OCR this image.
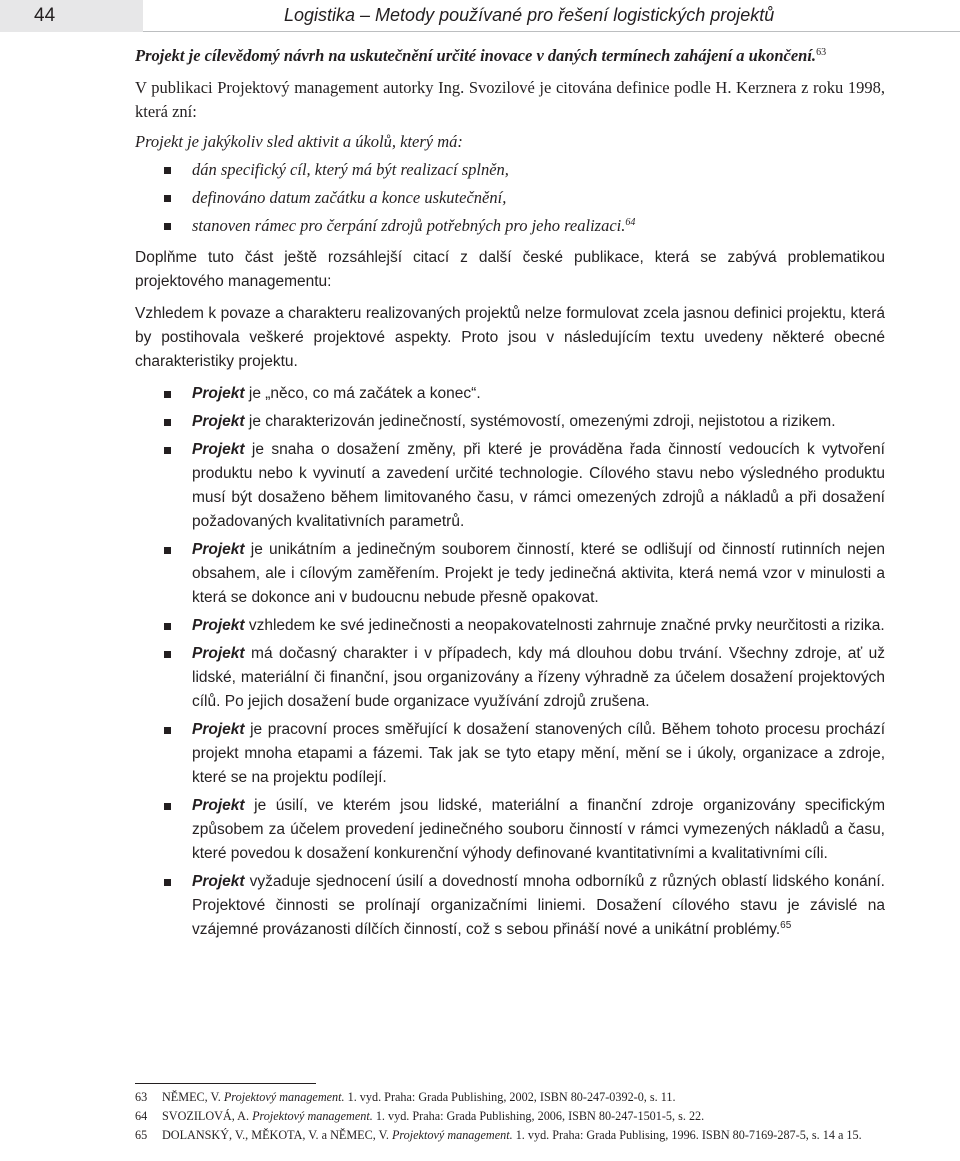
44	Logistika – Metody používané pro řešení logistických projektů

Projekt je cílevědomý návrh na uskutečnění určité inovace v daných termínech zahájení a ukončení.$^{63}$

V publikaci Projektový management autorky Ing. Svozilové je citována definice podle H. Kerznera z roku 1998, která zní:

Projekt je jakýkoliv sled aktivit a úkolů, který má:

dán specifický cíl, který má být realizací splněn,
definováno datum začátku a konce uskutečnění,
stanoven rámec pro čerpání zdrojů potřebných pro jeho realizaci.$^{64}$

Doplňme tuto část ještě rozsáhlejší citací z další české publikace, která se zabývá problematikou projektového managementu:

Vzhledem k povaze a charakteru realizovaných projektů nelze formulovat zcela jasnou definici projektu, která by postihovala veškeré projektové aspekty. Proto jsou v následujícím textu uvedeny některé obecné charakteristiky projektu.

Projekt je „něco, co má začátek a konec“.
Projekt je charakterizován jedinečností, systémovostí, omezenými zdroji, nejistotou a rizikem.
Projekt je snaha o dosažení změny, při které je prováděna řada činností vedoucích k vytvoření produktu nebo k vyvinutí a zavedení určité technologie. Cílového stavu nebo výsledného produktu musí být dosaženo během limitovaného času, v rámci omezených zdrojů a nákladů a při dosažení požadovaných kvalitativních parametrů.
Projekt je unikátním a jedinečným souborem činností, které se odlišují od činností rutinních nejen obsahem, ale i cílovým zaměřením. Projekt je tedy jedinečná aktivita, která nemá vzor v minulosti a která se dokonce ani v budoucnu nebude přesně opakovat.
Projekt vzhledem ke své jedinečnosti a neopakovatelnosti zahrnuje značné prvky neurčitosti a rizika.
Projekt má dočasný charakter i v případech, kdy má dlouhou dobu trvání. Všechny zdroje, ať už lidské, materiální či finanční, jsou organizovány a řízeny výhradně za účelem dosažení projektových cílů. Po jejich dosažení bude organizace využívání zdrojů zrušena.
Projekt je pracovní proces směřující k dosažení stanovených cílů. Během tohoto procesu prochází projekt mnoha etapami a fázemi. Tak jak se tyto etapy mění, mění se i úkoly, organizace a zdroje, které se na projektu podílejí.
Projekt je úsilí, ve kterém jsou lidské, materiální a finanční zdroje organizovány specifickým způsobem za účelem provedení jedinečného souboru činností v rámci vymezených nákladů a času, které povedou k dosažení konkurenční výhody definované kvantitativními a kvalitativními cíli.
Projekt vyžaduje sjednocení úsilí a dovedností mnoha odborníků z různých oblastí lidského konání. Projektové činnosti se prolínají organizačními liniemi. Dosažení cílového stavu je závislé na vzájemné provázanosti dílčích činností, což s sebou přináší nové a unikátní problémy.$^{65}$
63 NĚMEC, V. Projektový management. 1. vyd. Praha: Grada Publishing, 2002, ISBN 80-247-0392-0, s. 11.
64 SVOZILOVÁ, A. Projektový management. 1. vyd. Praha: Grada Publishing, 2006, ISBN 80-247-1501-5, s. 22.
65 DOLANSKÝ, V., MĚKOTA, V. a NĚMEC, V. Projektový management. 1. vyd. Praha: Grada Publising, 1996. ISBN 80-7169-287-5, s. 14 a 15.
